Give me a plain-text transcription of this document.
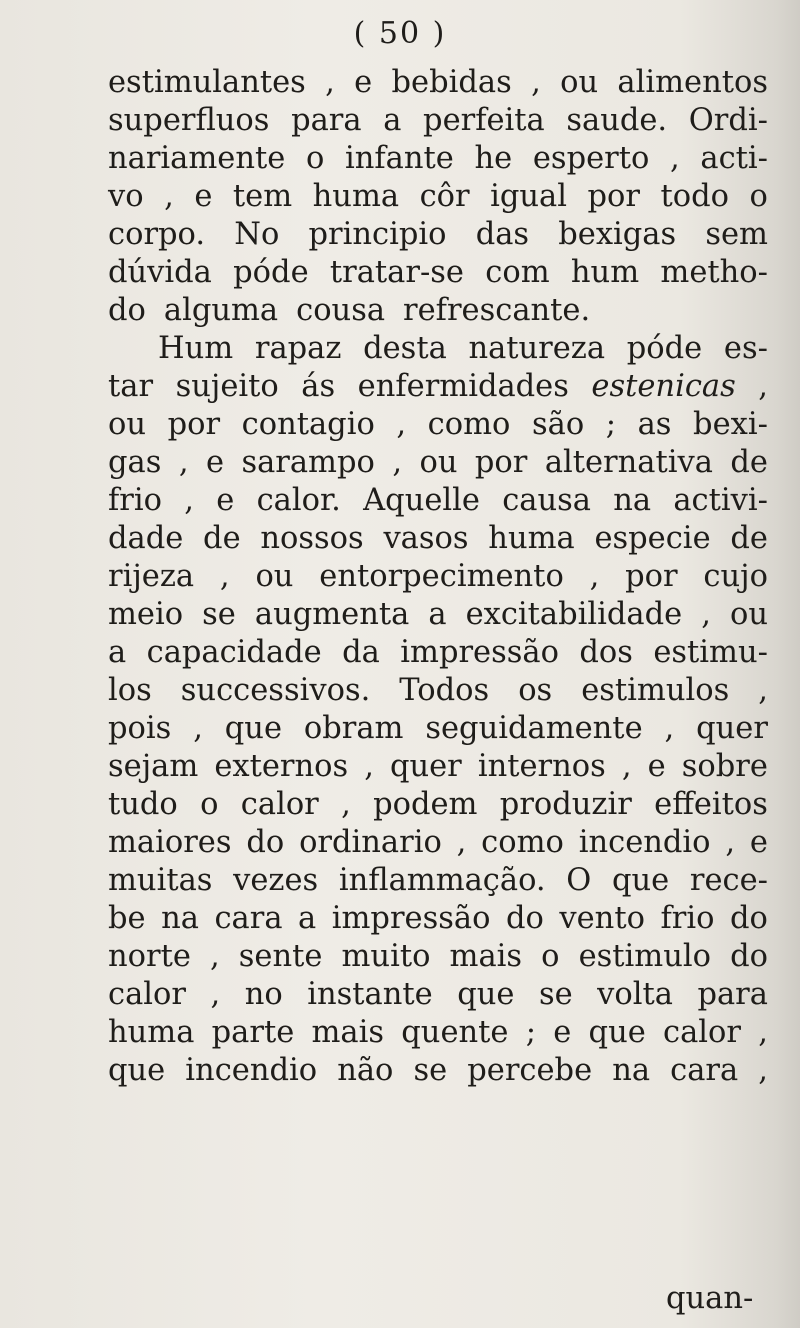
( 50 )
estimulantes , e bebidas , ou alimentos
superfluos para a perfeita saude. Ordi-
nariamente o infante he esperto , acti-
vo , e tem huma côr igual por todo o
corpo. No principio das bexigas sem
dúvida póde tratar-se com hum metho-
do alguma cousa refrescante.
Hum rapaz desta natureza póde es-
tar sujeito ás enfermidades estenicas ,
ou por contagio , como são ; as bexi-
gas , e sarampo , ou por alternativa de
frio , e calor. Aquelle causa na activi-
dade de nossos vasos huma especie de
rijeza , ou entorpecimento , por cujo
meio se augmenta a excitabilidade , ou
a capacidade da impressão dos estimu-
los successivos. Todos os estimulos ,
pois , que obram seguidamente , quer
sejam externos , quer internos , e sobre
tudo o calor , podem produzir effeitos
maiores do ordinario , como incendio , e
muitas vezes inflammação. O que rece-
be na cara a impressão do vento frio do
norte , sente muito mais o estimulo do
calor , no instante que se volta para
huma parte mais quente ; e que calor ,
que incendio não se percebe na cara ,
quan-
